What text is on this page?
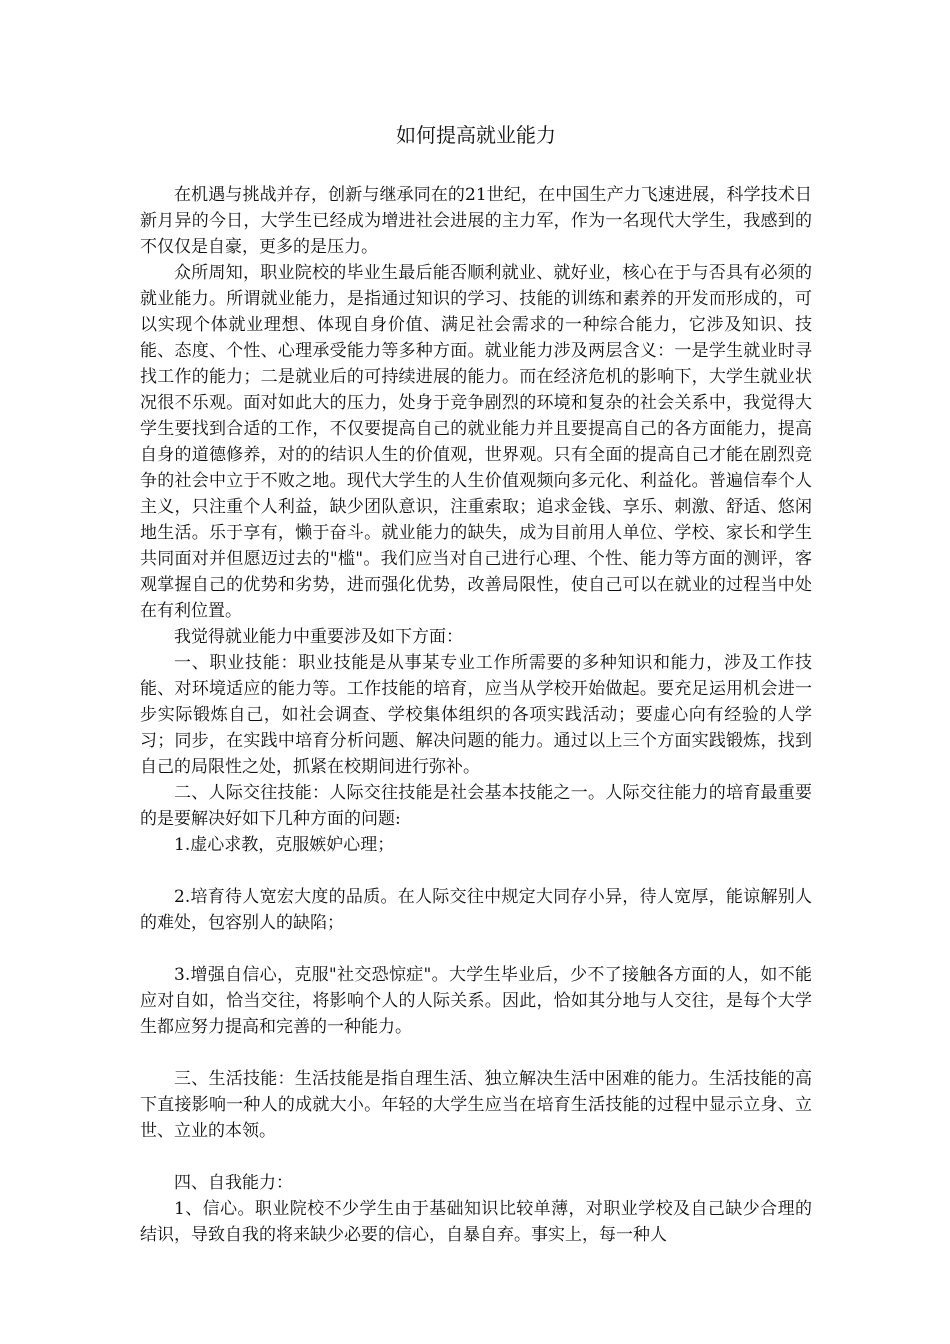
如何提高就业能力

在机遇与挑战并存，创新与继承同在的21世纪，在中国生产力飞速进展，科学技术日新月异的今日，大学生已经成为增进社会进展的主力军，作为一名现代大学生，我感到的不仅仅是自豪，更多的是压力。

众所周知，职业院校的毕业生最后能否顺利就业、就好业，核心在于与否具有必须的就业能力。所谓就业能力，是指通过知识的学习、技能的训练和素养的开发而形成的，可以实现个体就业理想、体现自身价值、满足社会需求的一种综合能力，它涉及知识、技能、态度、个性、心理承受能力等多种方面。就业能力涉及两层含义：一是学生就业时寻找工作的能力；二是就业后的可持续进展的能力。而在经济危机的影响下，大学生就业状况很不乐观。面对如此大的压力，处身于竞争剧烈的环境和复杂的社会关系中，我觉得大学生要找到合适的工作，不仅要提高自己的就业能力并且要提高自己的各方面能力，提高自身的道德修养，对的的结识人生的价值观，世界观。只有全面的提高自己才能在剧烈竞争的社会中立于不败之地。现代大学生的人生价值观频向多元化、利益化。普遍信奉个人主义，只注重个人利益，缺少团队意识，注重索取；追求金钱、享乐、刺激、舒适、悠闲地生活。乐于享有，懒于奋斗。就业能力的缺失，成为目前用人单位、学校、家长和学生共同面对并但愿迈过去的"槛"。我们应当对自己进行心理、个性、能力等方面的测评，客观掌握自己的优势和劣势，进而强化优势，改善局限性，使自己可以在就业的过程当中处在有利位置。

我觉得就业能力中重要涉及如下方面：

一、职业技能：职业技能是从事某专业工作所需要的多种知识和能力，涉及工作技能、对环境适应的能力等。工作技能的培育，应当从学校开始做起。要充足运用机会进一步实际锻炼自己，如社会调查、学校集体组织的各项实践活动；要虚心向有经验的人学习；同步，在实践中培育分析问题、解决问题的能力。通过以上三个方面实践锻炼，找到自己的局限性之处，抓紧在校期间进行弥补。

二、人际交往技能：人际交往技能是社会基本技能之一。人际交往能力的培育最重要的是要解决好如下几种方面的问题:

1.虚心求教，克服嫉妒心理；

2.培育待人宽宏大度的品质。在人际交往中规定大同存小异，待人宽厚，能谅解别人的难处，包容别人的缺陷；

3.增强自信心，克服"社交恐惊症"。大学生毕业后，少不了接触各方面的人，如不能应对自如，恰当交往，将影响个人的人际关系。因此，恰如其分地与人交往，是每个大学生都应努力提高和完善的一种能力。

三、生活技能：生活技能是指自理生活、独立解决生活中困难的能力。生活技能的高下直接影响一种人的成就大小。年轻的大学生应当在培育生活技能的过程中显示立身、立世、立业的本领。

四、自我能力：

1、信心。职业院校不少学生由于基础知识比较单薄，对职业学校及自己缺少合理的结识，导致自我的将来缺少必要的信心，自暴自弃。事实上，每一种人
